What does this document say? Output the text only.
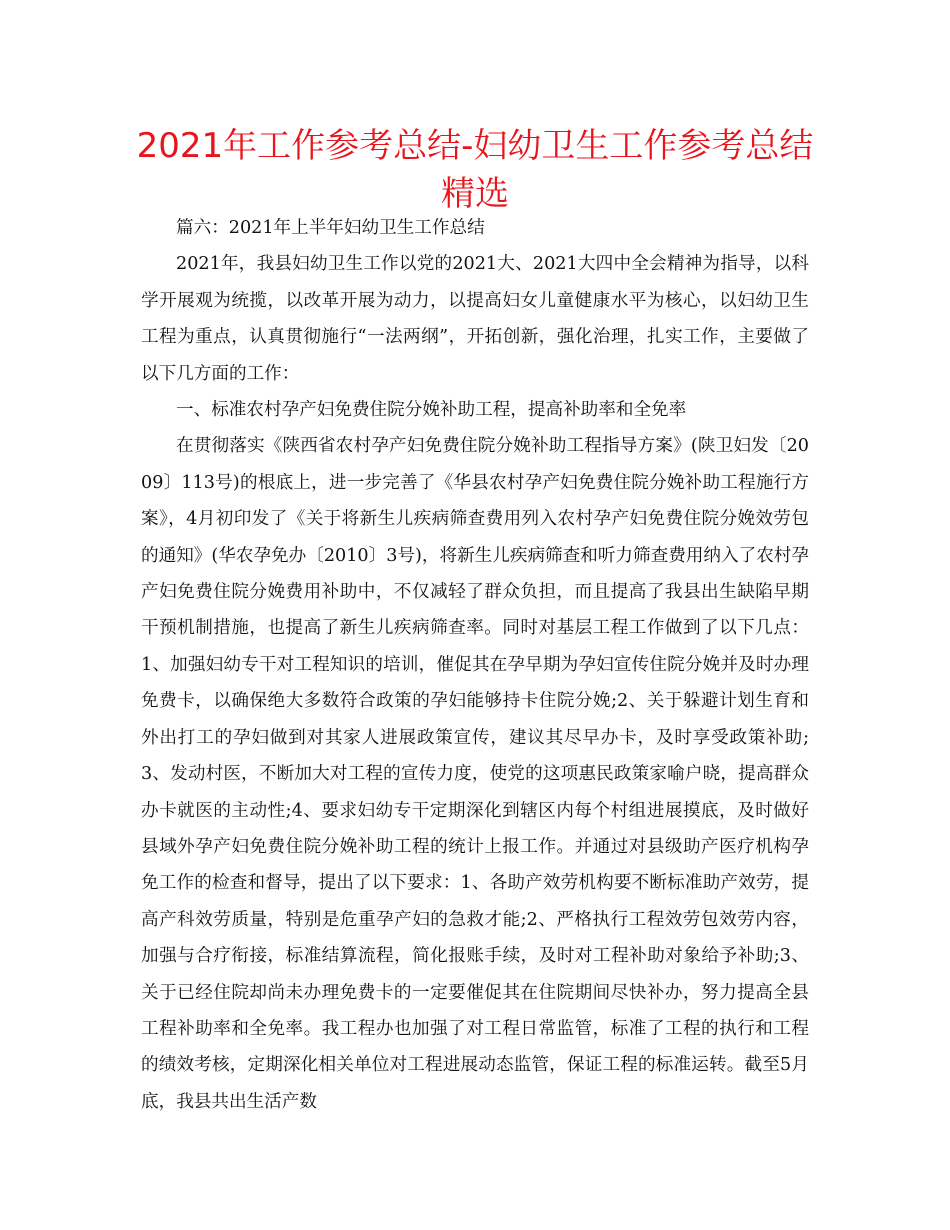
2021年工作参考总结-妇幼卫生工作参考总结精选

篇六：2021年上半年妇幼卫生工作总结

2021年，我县妇幼卫生工作以党的2021大、2021大四中全会精神为指导，以科学开展观为统揽，以改革开展为动力，以提高妇女儿童健康水平为核心，以妇幼卫生工程为重点，认真贯彻施行“一法两纲”，开拓创新，强化治理，扎实工作，主要做了以下几方面的工作：

一、标准农村孕产妇免费住院分娩补助工程，提高补助率和全免率

在贯彻落实《陕西省农村孕产妇免费住院分娩补助工程指导方案》(陕卫妇发〔2009〕113号)的根底上，进一步完善了《华县农村孕产妇免费住院分娩补助工程施行方案》，4月初印发了《关于将新生儿疾病筛查费用列入农村孕产妇免费住院分娩效劳包的通知》(华农孕免办〔2010〕3号)，将新生儿疾病筛查和听力筛查费用纳入了农村孕产妇免费住院分娩费用补助中，不仅减轻了群众负担，而且提高了我县出生缺陷早期干预机制措施，也提高了新生儿疾病筛查率。同时对基层工程工作做到了以下几点：1、加强妇幼专干对工程知识的培训，催促其在孕早期为孕妇宣传住院分娩并及时办理免费卡，以确保绝大多数符合政策的孕妇能够持卡住院分娩;2、关于躲避计划生育和外出打工的孕妇做到对其家人进展政策宣传，建议其尽早办卡，及时享受政策补助;3、发动村医，不断加大对工程的宣传力度，使党的这项惠民政策家喻户晓，提高群众办卡就医的主动性;4、要求妇幼专干定期深化到辖区内每个村组进展摸底，及时做好县域外孕产妇免费住院分娩补助工程的统计上报工作。并通过对县级助产医疗机构孕免工作的检查和督导，提出了以下要求：1、各助产效劳机构要不断标准助产效劳，提高产科效劳质量，特别是危重孕产妇的急救才能;2、严格执行工程效劳包效劳内容，加强与合疗衔接，标准结算流程，简化报账手续，及时对工程补助对象给予补助;3、关于已经住院却尚未办理免费卡的一定要催促其在住院期间尽快补办，努力提高全县工程补助率和全免率。我工程办也加强了对工程日常监管，标准了工程的执行和工程的绩效考核，定期深化相关单位对工程进展动态监管，保证工程的标准运转。截至5月底，我县共出生活产数
